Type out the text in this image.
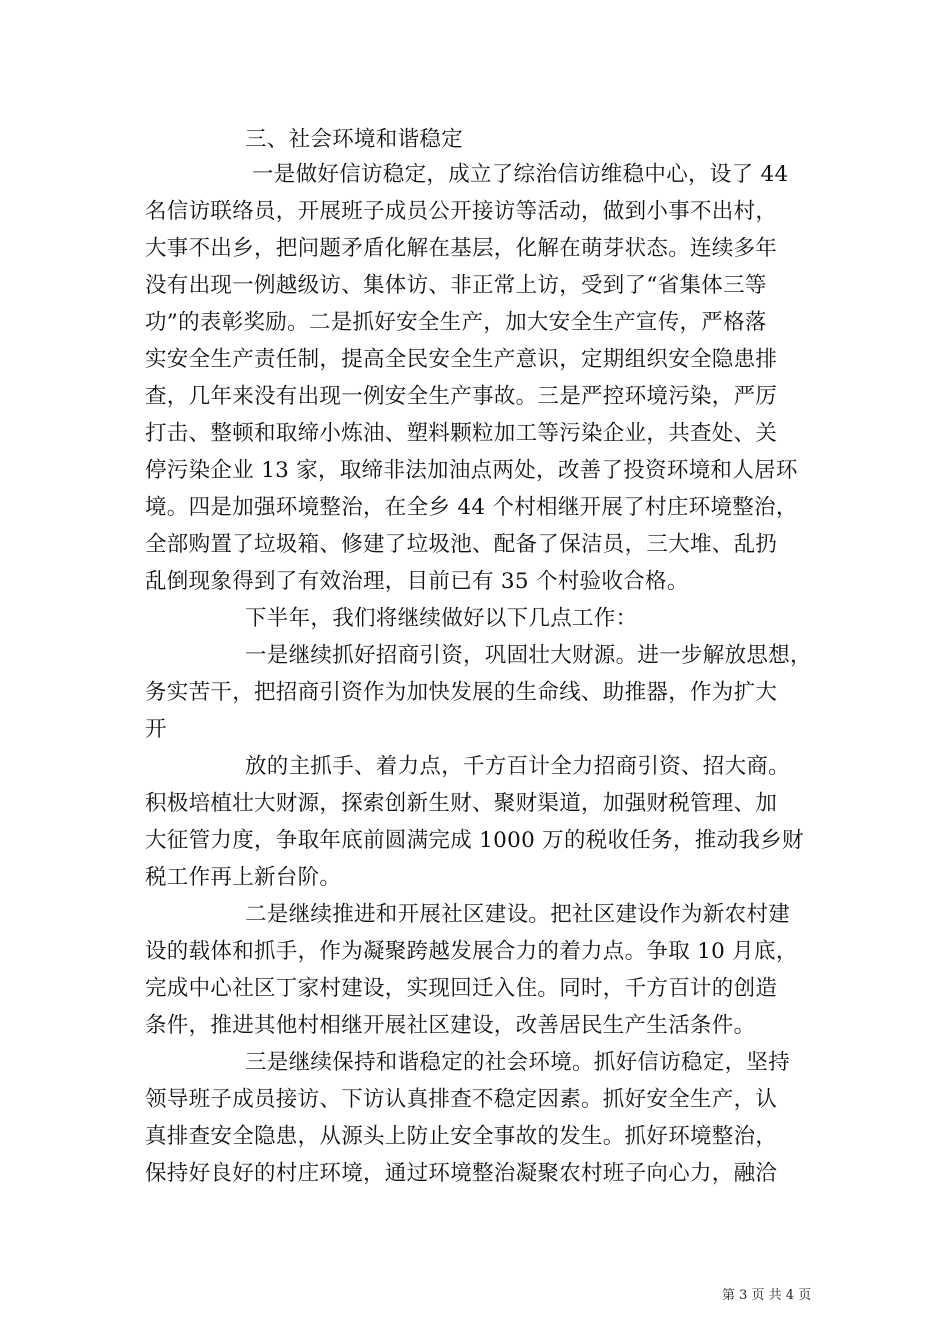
三、社会环境和谐稳定
一是做好信访稳定，成立了综治信访维稳中心，设了 44
名信访联络员，开展班子成员公开接访等活动，做到小事不出村，
大事不出乡，把问题矛盾化解在基层，化解在萌芽状态。连续多年
没有出现一例越级访、集体访、非正常上访，受到了“省集体三等
功”的表彰奖励。二是抓好安全生产，加大安全生产宣传，严格落
实安全生产责任制，提高全民安全生产意识，定期组织安全隐患排
查，几年来没有出现一例安全生产事故。三是严控环境污染，严厉
打击、整顿和取缔小炼油、塑料颗粒加工等污染企业，共查处、关
停污染企业 13 家，取缔非法加油点两处，改善了投资环境和人居环
境。四是加强环境整治，在全乡 44 个村相继开展了村庄环境整治，
全部购置了垃圾箱、修建了垃圾池、配备了保洁员，三大堆、乱扔
乱倒现象得到了有效治理，目前已有 35 个村验收合格。
下半年，我们将继续做好以下几点工作：
一是继续抓好招商引资，巩固壮大财源。进一步解放思想，
务实苦干，把招商引资作为加快发展的生命线、助推器，作为扩大
开
放的主抓手、着力点，千方百计全力招商引资、招大商。
积极培植壮大财源，探索创新生财、聚财渠道，加强财税管理、加
大征管力度，争取年底前圆满完成 1000 万的税收任务，推动我乡财
税工作再上新台阶。
二是继续推进和开展社区建设。把社区建设作为新农村建
设的载体和抓手，作为凝聚跨越发展合力的着力点。争取 10 月底，
完成中心社区丁家村建设，实现回迁入住。同时，千方百计的创造
条件，推进其他村相继开展社区建设，改善居民生产生活条件。
三是继续保持和谐稳定的社会环境。抓好信访稳定，坚持
领导班子成员接访、下访认真排查不稳定因素。抓好安全生产，认
真排查安全隐患，从源头上防止安全事故的发生。抓好环境整治，
保持好良好的村庄环境，通过环境整治凝聚农村班子向心力，融洽
第 3 页 共 4 页
